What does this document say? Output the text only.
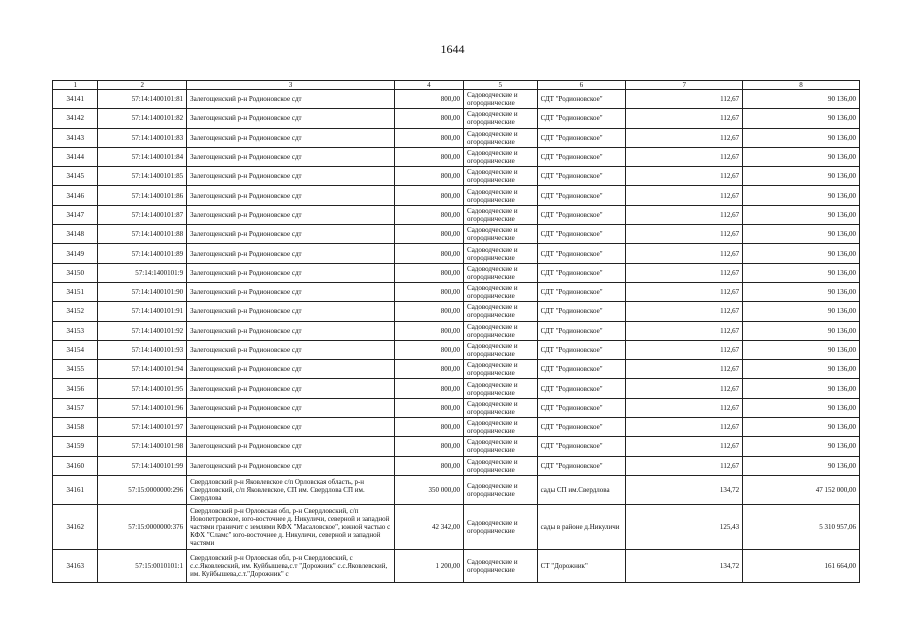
1644
1	2	3	4	5	6	7	8
34141	57:14:1400101:81	Залегощенский р-н Родионовское сдт	800,00	Садоводческие и огороднические	СДТ "Родионовское"	112,67	90 136,00
34142	57:14:1400101:82	Залегощенский р-н Родионовское сдт	800,00	Садоводческие и огороднические	СДТ "Родионовское"	112,67	90 136,00
34143	57:14:1400101:83	Залегощенский р-н Родионовское сдт	800,00	Садоводческие и огороднические	СДТ "Родионовское"	112,67	90 136,00
34144	57:14:1400101:84	Залегощенский р-н Родионовское сдт	800,00	Садоводческие и огороднические	СДТ "Родионовское"	112,67	90 136,00
34145	57:14:1400101:85	Залегощенский р-н Родионовское сдт	800,00	Садоводческие и огороднические	СДТ "Родионовское"	112,67	90 136,00
34146	57:14:1400101:86	Залегощенский р-н Родионовское сдт	800,00	Садоводческие и огороднические	СДТ "Родионовское"	112,67	90 136,00
34147	57:14:1400101:87	Залегощенский р-н Родионовское сдт	800,00	Садоводческие и огороднические	СДТ "Родионовское"	112,67	90 136,00
34148	57:14:1400101:88	Залегощенский р-н Родионовское сдт	800,00	Садоводческие и огороднические	СДТ "Родионовское"	112,67	90 136,00
34149	57:14:1400101:89	Залегощенский р-н Родионовское сдт	800,00	Садоводческие и огороднические	СДТ "Родионовское"	112,67	90 136,00
34150	57:14:1400101:9	Залегощенский р-н Родионовское сдт	800,00	Садоводческие и огороднические	СДТ "Родионовское"	112,67	90 136,00
34151	57:14:1400101:90	Залегощенский р-н Родионовское сдт	800,00	Садоводческие и огороднические	СДТ "Родионовское"	112,67	90 136,00
34152	57:14:1400101:91	Залегощенский р-н Родионовское сдт	800,00	Садоводческие и огороднические	СДТ "Родионовское"	112,67	90 136,00
34153	57:14:1400101:92	Залегощенский р-н Родионовское сдт	800,00	Садоводческие и огороднические	СДТ "Родионовское"	112,67	90 136,00
34154	57:14:1400101:93	Залегощенский р-н Родионовское сдт	800,00	Садоводческие и огороднические	СДТ "Родионовское"	112,67	90 136,00
34155	57:14:1400101:94	Залегощенский р-н Родионовское сдт	800,00	Садоводческие и огороднические	СДТ "Родионовское"	112,67	90 136,00
34156	57:14:1400101:95	Залегощенский р-н Родионовское сдт	800,00	Садоводческие и огороднические	СДТ "Родионовское"	112,67	90 136,00
34157	57:14:1400101:96	Залегощенский р-н Родионовское сдт	800,00	Садоводческие и огороднические	СДТ "Родионовское"	112,67	90 136,00
34158	57:14:1400101:97	Залегощенский р-н Родионовское сдт	800,00	Садоводческие и огороднические	СДТ "Родионовское"	112,67	90 136,00
34159	57:14:1400101:98	Залегощенский р-н Родионовское сдт	800,00	Садоводческие и огороднические	СДТ "Родионовское"	112,67	90 136,00
34160	57:14:1400101:99	Залегощенский р-н Родионовское сдт	800,00	Садоводческие и огороднические	СДТ "Родионовское"	112,67	90 136,00
34161	57:15:0000000:296	Свердловский р-н Яковлевское с/п Орловская область, р-н Свердловский, с/п Яковлевское, СП им. Свердлова СП им. Свердлова	350 000,00	Садоводческие и огороднические	сады СП им.Свердлова	134,72	47 152 000,00
34162	57:15:0000000:376	Свердловский р-н Орловская обл, р-н Свердловский, с/п Новопетровское, юго-восточнее д. Никуличи, северной и западной частями граничит с землями КФХ "Масаловское", южной частью с КФХ "Сламс" юго-восточнее д. Никуличи, северной и западной частями	42 342,00	Садоводческие и огороднические	сады в районе д.Никуличи	125,43	5 310 957,06
34163	57:15:0010101:1	Свердловский р-н Орловская обл, р-н Свердловский, с с.с.Яковлевский, им. Куйбышева,с.т "Дорожник" с.с.Яковлевский, им. Куйбышева,с.т."Дорожник" с	1 200,00	Садоводческие и огороднические	СТ "Дорожник"	134,72	161 664,00
